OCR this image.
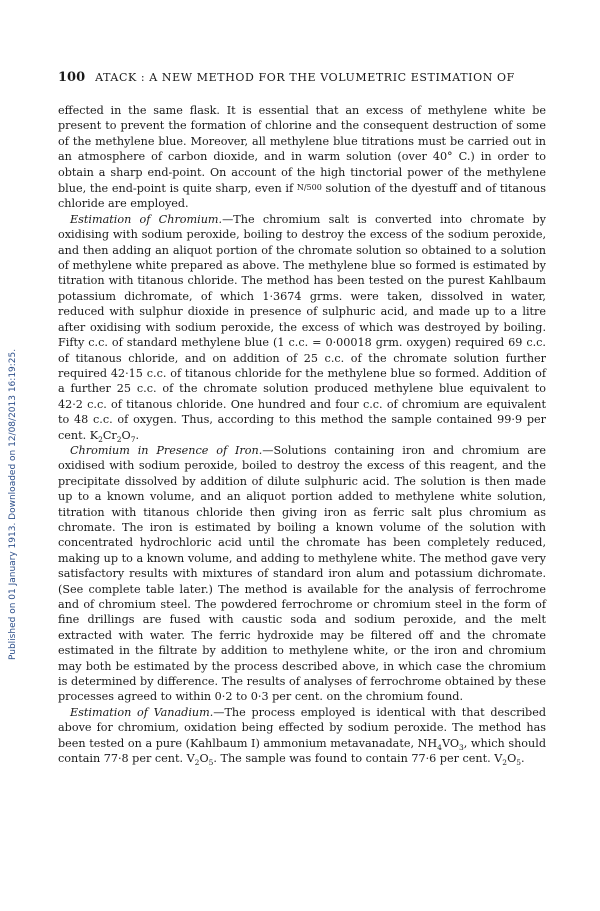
Published on 01 January 1913. Downloaded on 12/08/2013 16:19:25.
100 ATACK : A NEW METHOD FOR THE VOLUMETRIC ESTIMATION OF

effected in the same flask. It is essential that an excess of methylene white be present to prevent the formation of chlorine and the consequent destruction of some of the methylene blue. Moreover, all methylene blue titrations must be carried out in an atmosphere of carbon dioxide, and in warm solution (over 40° C.) in order to obtain a sharp end-point. On account of the high tinctorial power of the methylene blue, the end-point is quite sharp, even if N/500 solution of the dyestuff and of titanous chloride are employed.

Estimation of Chromium.—The chromium salt is converted into chromate by oxidising with sodium peroxide, boiling to destroy the excess of the sodium peroxide, and then adding an aliquot portion of the chromate solution so obtained to a solution of methylene white prepared as above. The methylene blue so formed is estimated by titration with titanous chloride. The method has been tested on the purest Kahlbaum potassium dichromate, of which 1·3674 grms. were taken, dissolved in water, reduced with sulphur dioxide in presence of sulphuric acid, and made up to a litre after oxidising with sodium peroxide, the excess of which was destroyed by boiling. Fifty c.c. of standard methylene blue (1 c.c. = 0·00018 grm. oxygen) required 69 c.c. of titanous chloride, and on addition of 25 c.c. of the chromate solution further required 42·15 c.c. of titanous chloride for the methylene blue so formed. Addition of a further 25 c.c. of the chromate solution produced methylene blue equivalent to 42·2 c.c. of titanous chloride. One hundred and four c.c. of chromium are equivalent to 48 c.c. of oxygen. Thus, according to this method the sample contained 99·9 per cent. $K_2Cr_2O_7$.

Chromium in Presence of Iron.—Solutions containing iron and chromium are oxidised with sodium peroxide, boiled to destroy the excess of this reagent, and the precipitate dissolved by addition of dilute sulphuric acid. The solution is then made up to a known volume, and an aliquot portion added to methylene white solution, titration with titanous chloride then giving iron as ferric salt plus chromium as chromate. The iron is estimated by boiling a known volume of the solution with concentrated hydrochloric acid until the chromate has been completely reduced, making up to a known volume, and adding to methylene white. The method gave very satisfactory results with mixtures of standard iron alum and potassium dichromate. (See complete table later.) The method is available for the analysis of ferrochrome and of chromium steel. The powdered ferrochrome or chromium steel in the form of fine drillings are fused with caustic soda and sodium peroxide, and the melt extracted with water. The ferric hydroxide may be filtered off and the chromate estimated in the filtrate by addition to methylene white, or the iron and chromium may both be estimated by the process described above, in which case the chromium is determined by difference. The results of analyses of ferrochrome obtained by these processes agreed to within 0·2 to 0·3 per cent. on the chromium found.

Estimation of Vanadium.—The process employed is identical with that described above for chromium, oxidation being effected by sodium peroxide. The method has been tested on a pure (Kahlbaum I) ammonium metavanadate, $NH_4VO_3$, which should contain 77·8 per cent. $V_2O_5$. The sample was found to contain 77·6 per cent. $V_2O_5$.
